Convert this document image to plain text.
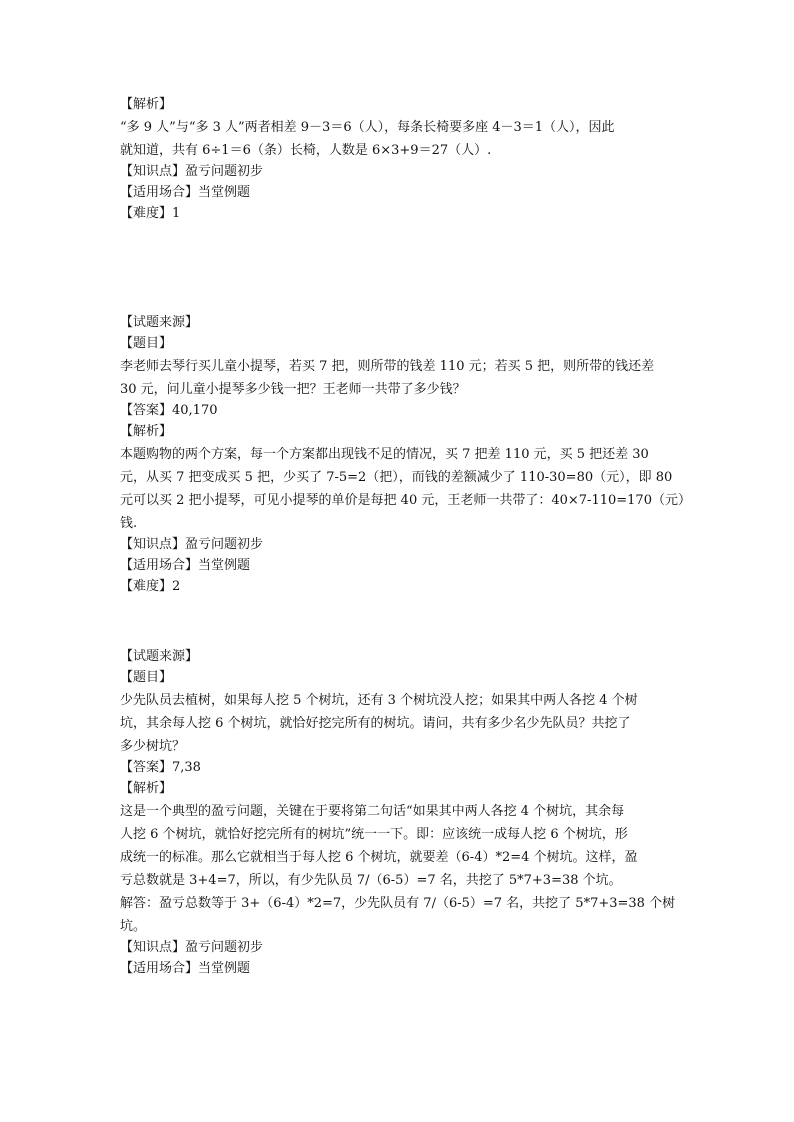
【解析】
“多 9 人”与“多 3 人”两者相差 9－3＝6（人），每条长椅要多座 4－3＝1（人），因此
就知道，共有 6÷1＝6（条）长椅，人数是 6×3+9＝27（人）.
【知识点】盈亏问题初步
【适用场合】当堂例题
【难度】1
【试题来源】
【题目】
李老师去琴行买儿童小提琴，若买 7 把，则所带的钱差 110 元；若买 5 把，则所带的钱还差
30 元，问儿童小提琴多少钱一把？王老师一共带了多少钱？
【答案】40,170
【解析】
本题购物的两个方案，每一个方案都出现钱不足的情况，买 7 把差 110 元，买 5 把还差 30
元，从买 7 把变成买 5 把，少买了 7-5=2（把），而钱的差额减少了 110-30=80（元），即 80
元可以买 2 把小提琴，可见小提琴的单价是每把 40 元，王老师一共带了：40×7-110=170（元）
钱.
【知识点】盈亏问题初步
【适用场合】当堂例题
【难度】2
【试题来源】
【题目】
少先队员去植树，如果每人挖 5 个树坑，还有 3 个树坑没人挖；如果其中两人各挖 4 个树
坑，其余每人挖 6 个树坑，就恰好挖完所有的树坑。请问，共有多少名少先队员？共挖了
多少树坑？
【答案】7,38
【解析】
这是一个典型的盈亏问题，关键在于要将第二句话“如果其中两人各挖 4 个树坑，其余每
人挖 6 个树坑，就恰好挖完所有的树坑”统一一下。即：应该统一成每人挖 6 个树坑，形
成统一的标准。那么它就相当于每人挖 6 个树坑，就要差（6-4）*2=4 个树坑。这样，盈
亏总数就是 3+4=7，所以，有少先队员 7/（6-5）=7 名，共挖了 5*7+3=38 个坑。
解答：盈亏总数等于 3+（6-4）*2=7，少先队员有 7/（6-5）=7 名，共挖了 5*7+3=38 个树
坑。
【知识点】盈亏问题初步
【适用场合】当堂例题
